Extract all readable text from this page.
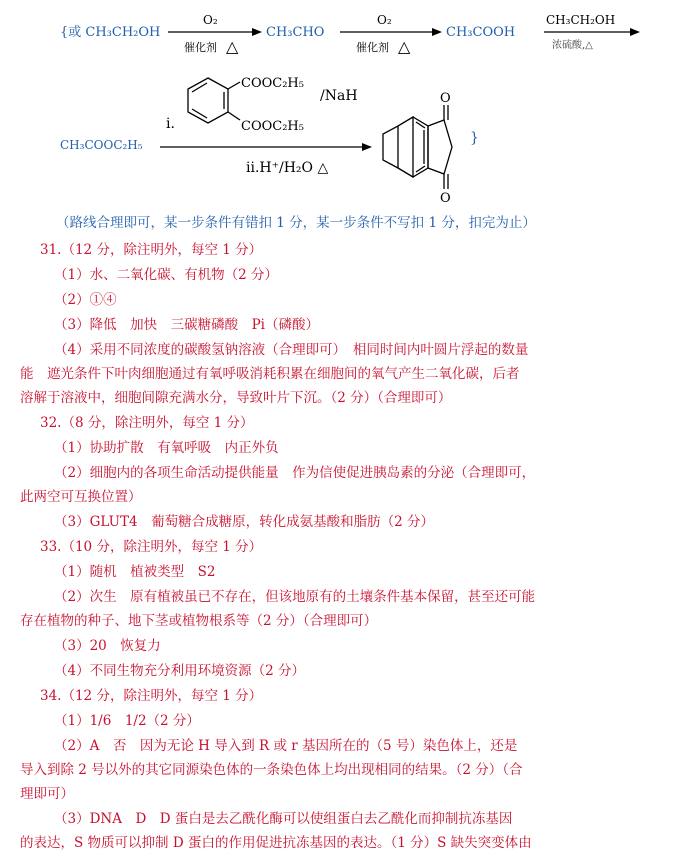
{或 CH₃CH₂OH
O₂
催化剂 △
CH₃CHO
O₂
催化剂 △
CH₃COOH
CH₃CH₂OH
浓硫酸,△
CH₃COOC₂H₅
i.
COOC₂H₅
COOC₂H₅
/NaH
ii.H⁺/H₂O △
O
O
}
（路线合理即可，某一步条件有错扣 1 分，某一步条件不写扣 1 分，扣完为止）
31.（12 分，除注明外，每空 1 分）
（1）水、二氧化碳、有机物（2 分）
（2）①④
（3）降低　加快　三碳糖磷酸　Pi（磷酸）
（4）采用不同浓度的碳酸氢钠溶液（合理即可）　相同时间内叶圆片浮起的数量
能　遮光条件下叶肉细胞通过有氧呼吸消耗积累在细胞间的氧气产生二氧化碳，后者
溶解于溶液中，细胞间隙充满水分，导致叶片下沉。（2 分）（合理即可）
32.（8 分，除注明外，每空 1 分）
（1）协助扩散　有氧呼吸　内正外负
（2）细胞内的各项生命活动提供能量　作为信使促进胰岛素的分泌（合理即可，
此两空可互换位置）
（3）GLUT4　葡萄糖合成糖原，转化成氨基酸和脂肪（2 分）
33.（10 分，除注明外，每空 1 分）
（1）随机　植被类型　S2
（2）次生　原有植被虽已不存在，但该地原有的土壤条件基本保留，甚至还可能
存在植物的种子、地下茎或植物根系等（2 分）（合理即可）
（3）20　恢复力
（4）不同生物充分利用环境资源（2 分）
34.（12 分，除注明外，每空 1 分）
（1）1/6　1/2（2 分）
（2）A　否　因为无论 H 导入到 R 或 r 基因所在的（5 号）染色体上，还是
导入到除 2 号以外的其它同源染色体的一条染色体上均出现相同的结果。（2 分）（合
理即可）
（3）DNA　D　D 蛋白是去乙酰化酶可以使组蛋白去乙酰化而抑制抗冻基因
的表达，S 物质可以抑制 D 蛋白的作用促进抗冻基因的表达。（1 分）S 缺失突变体由
